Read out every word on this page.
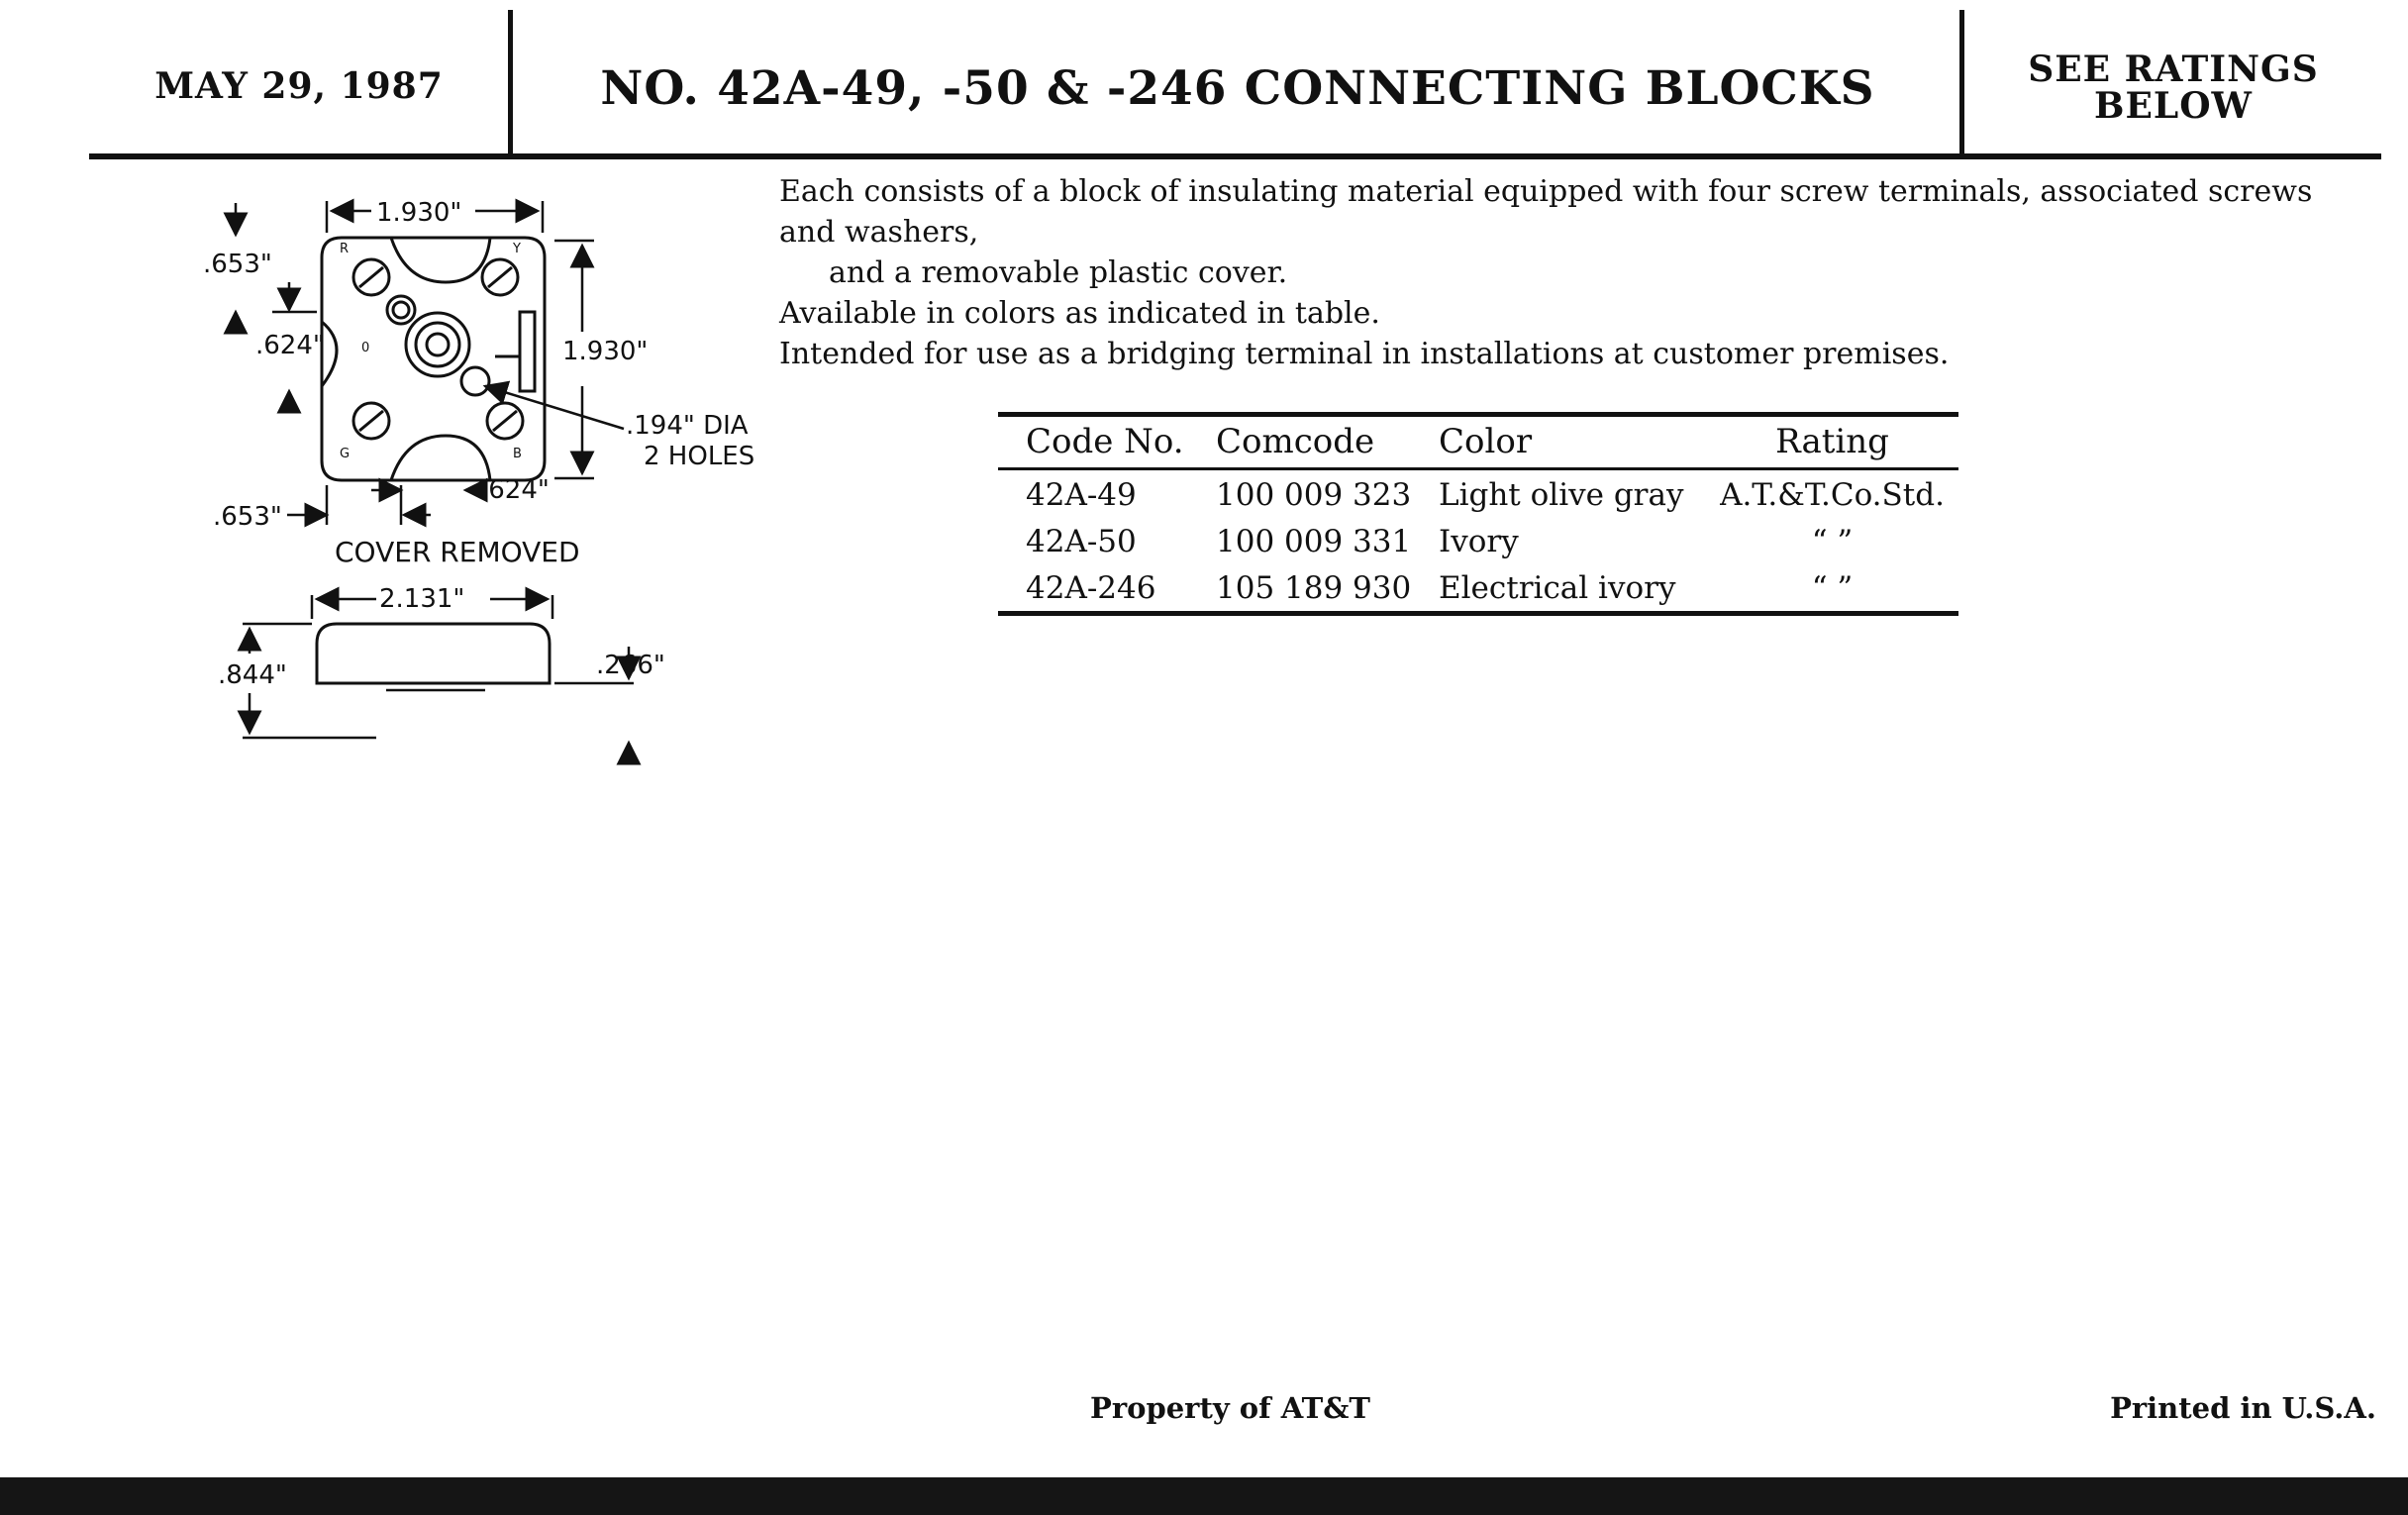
MAY 29, 1987	NO. 42A-49, -50 & -246 CONNECTING BLOCKS	SEE RATINGS
BELOW
1.930"
1.930"
.653"
.624"
.194" DIA
2 HOLES
.624"
.653"
COVER REMOVED
2.131"
.844"	.266"
R	Y
G	B
0

Each consists of a block of insulating material equipped with four screw terminals, associated screws and washers,

and a removable plastic cover.

Available in colors as indicated in table.

Intended for use as a bridging terminal in installations at customer premises.

Code No.	Comcode	Color	Rating
42A-49	100 009 323	Light olive gray	A.T.&T.Co.Std.
42A-50	100 009 331	Ivory	“ ”
42A-246	105 189 930	Electrical ivory	“ ”
Property of AT&T	Printed in U.S.A.
